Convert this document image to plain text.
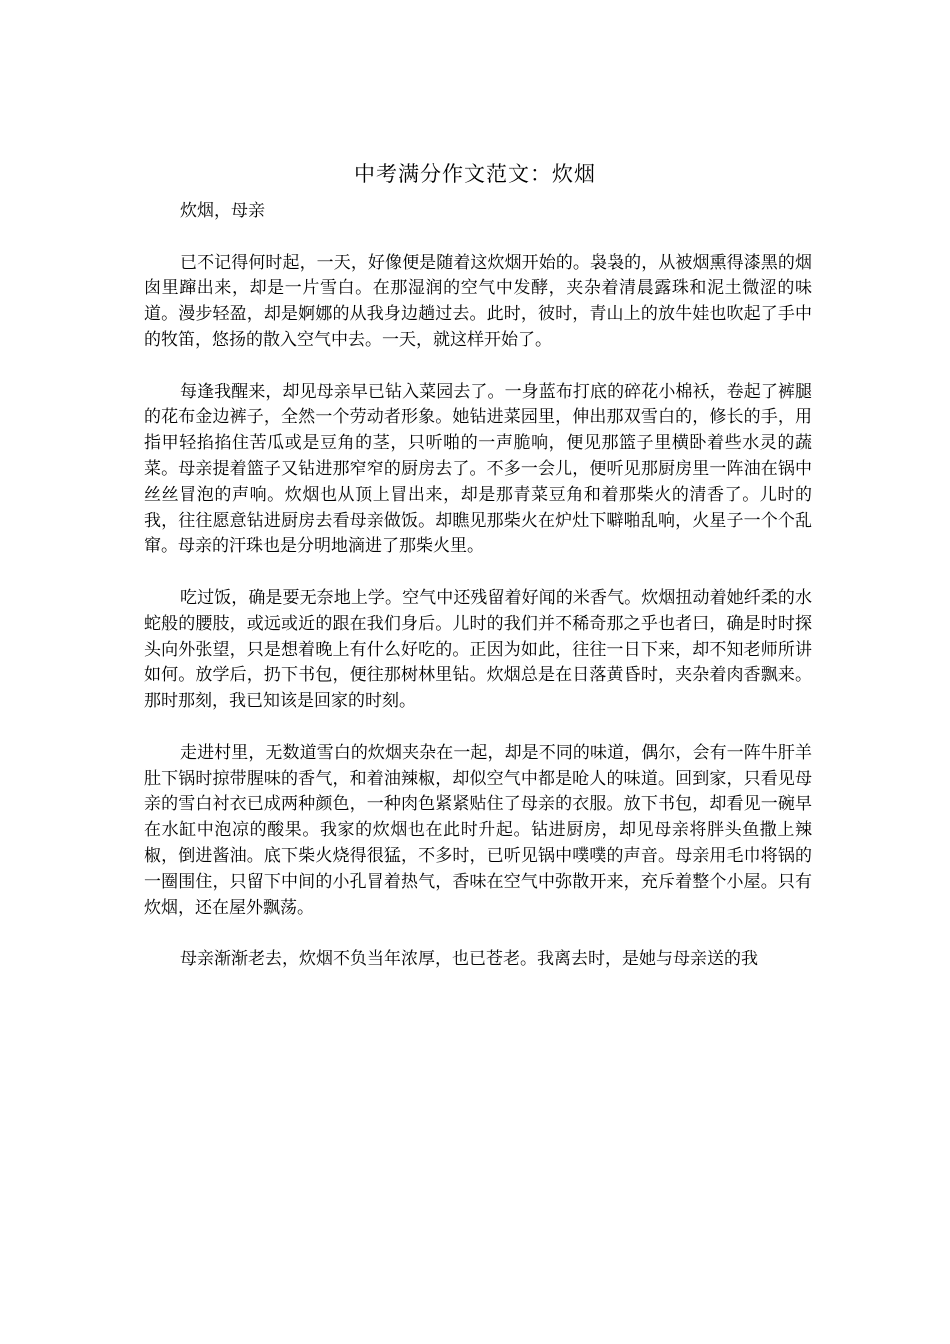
中考满分作文范文：炊烟

炊烟，母亲

已不记得何时起，一天，好像便是随着这炊烟开始的。袅袅的，从被烟熏得漆黑的烟囱里蹿出来，却是一片雪白。在那湿润的空气中发酵，夹杂着清晨露珠和泥土微涩的味道。漫步轻盈，却是婀娜的从我身边趟过去。此时，彼时，青山上的放牛娃也吹起了手中的牧笛，悠扬的散入空气中去。一天，就这样开始了。

每逢我醒来，却见母亲早已钻入菜园去了。一身蓝布打底的碎花小棉袄，卷起了裤腿的花布金边裤子，全然一个劳动者形象。她钻进菜园里，伸出那双雪白的，修长的手，用指甲轻掐掐住苦瓜或是豆角的茎，只听啪的一声脆响，便见那篮子里横卧着些水灵的蔬菜。母亲提着篮子又钻进那窄窄的厨房去了。不多一会儿，便听见那厨房里一阵油在锅中丝丝冒泡的声响。炊烟也从顶上冒出来，却是那青菜豆角和着那柴火的清香了。儿时的我，往往愿意钻进厨房去看母亲做饭。却瞧见那柴火在炉灶下噼啪乱响，火星子一个个乱窜。母亲的汗珠也是分明地滴进了那柴火里。

吃过饭，确是要无奈地上学。空气中还残留着好闻的米香气。炊烟扭动着她纤柔的水蛇般的腰肢，或远或近的跟在我们身后。儿时的我们并不稀奇那之乎也者曰，确是时时探头向外张望，只是想着晚上有什么好吃的。正因为如此，往往一日下来，却不知老师所讲如何。放学后，扔下书包，便往那树林里钻。炊烟总是在日落黄昏时，夹杂着肉香飘来。那时那刻，我已知该是回家的时刻。

走进村里，无数道雪白的炊烟夹杂在一起，却是不同的味道，偶尔，会有一阵牛肝羊肚下锅时掠带腥味的香气，和着油辣椒，却似空气中都是呛人的味道。回到家，只看见母亲的雪白衬衣已成两种颜色，一种肉色紧紧贴住了母亲的衣服。放下书包，却看见一碗早在水缸中泡凉的酸果。我家的炊烟也在此时升起。钻进厨房，却见母亲将胖头鱼撒上辣椒，倒进酱油。底下柴火烧得很猛，不多时，已听见锅中噗噗的声音。母亲用毛巾将锅的一圈围住，只留下中间的小孔冒着热气，香味在空气中弥散开来，充斥着整个小屋。只有炊烟，还在屋外飘荡。

母亲渐渐老去，炊烟不负当年浓厚，也已苍老。我离去时，是她与母亲送的我
